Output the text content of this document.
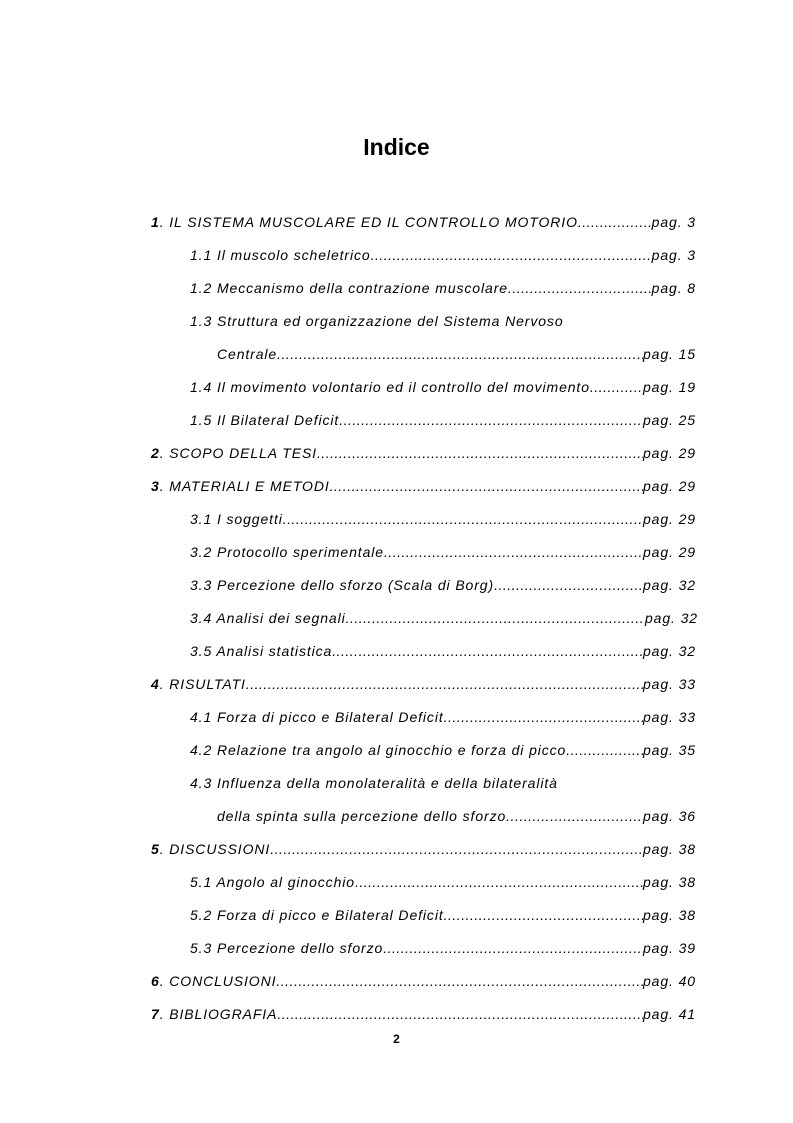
Indice
1 . IL SISTEMA MUSCOLARE ED IL CONTROLLO MOTORIO .....	pag. 3
1.1 Il muscolo scheletrico .....	pag. 3
1.2 Meccanismo della contrazione muscolare .....	pag. 8
1.3 Struttura ed organizzazione del Sistema Nervoso
Centrale .....	pag. 15
1.4 Il movimento volontario ed il controllo del movimento .....	pag. 19
1.5 Il Bilateral Deficit .....	pag. 25
2 . SCOPO DELLA TESI .....	pag. 29
3 . MATERIALI E METODI .....	pag. 29
3.1 I soggetti .....	pag. 29
3.2 Protocollo sperimentale .....	pag. 29
3.3 Percezione dello sforzo (Scala di Borg) .....	pag. 32
3.4 Analisi dei segnali .....	pag. 32
3.5 Analisi statistica .....	pag. 32
4 . RISULTATI .....	pag. 33
4.1 Forza di picco e Bilateral Deficit .....	pag. 33
4.2 Relazione tra angolo al ginocchio e forza di picco .....	pag. 35
4.3 Influenza della monolateralità e della bilateralità
della spinta sulla percezione dello sforzo .....	pag. 36
5 . DISCUSSIONI .....	pag. 38
5.1 Angolo al ginocchio .....	pag. 38
5.2 Forza di picco e Bilateral Deficit .....	pag. 38
5.3 Percezione dello sforzo .....	pag. 39
6 . CONCLUSIONI .....	pag. 40
7 . BIBLIOGRAFIA .....	pag. 41
2
